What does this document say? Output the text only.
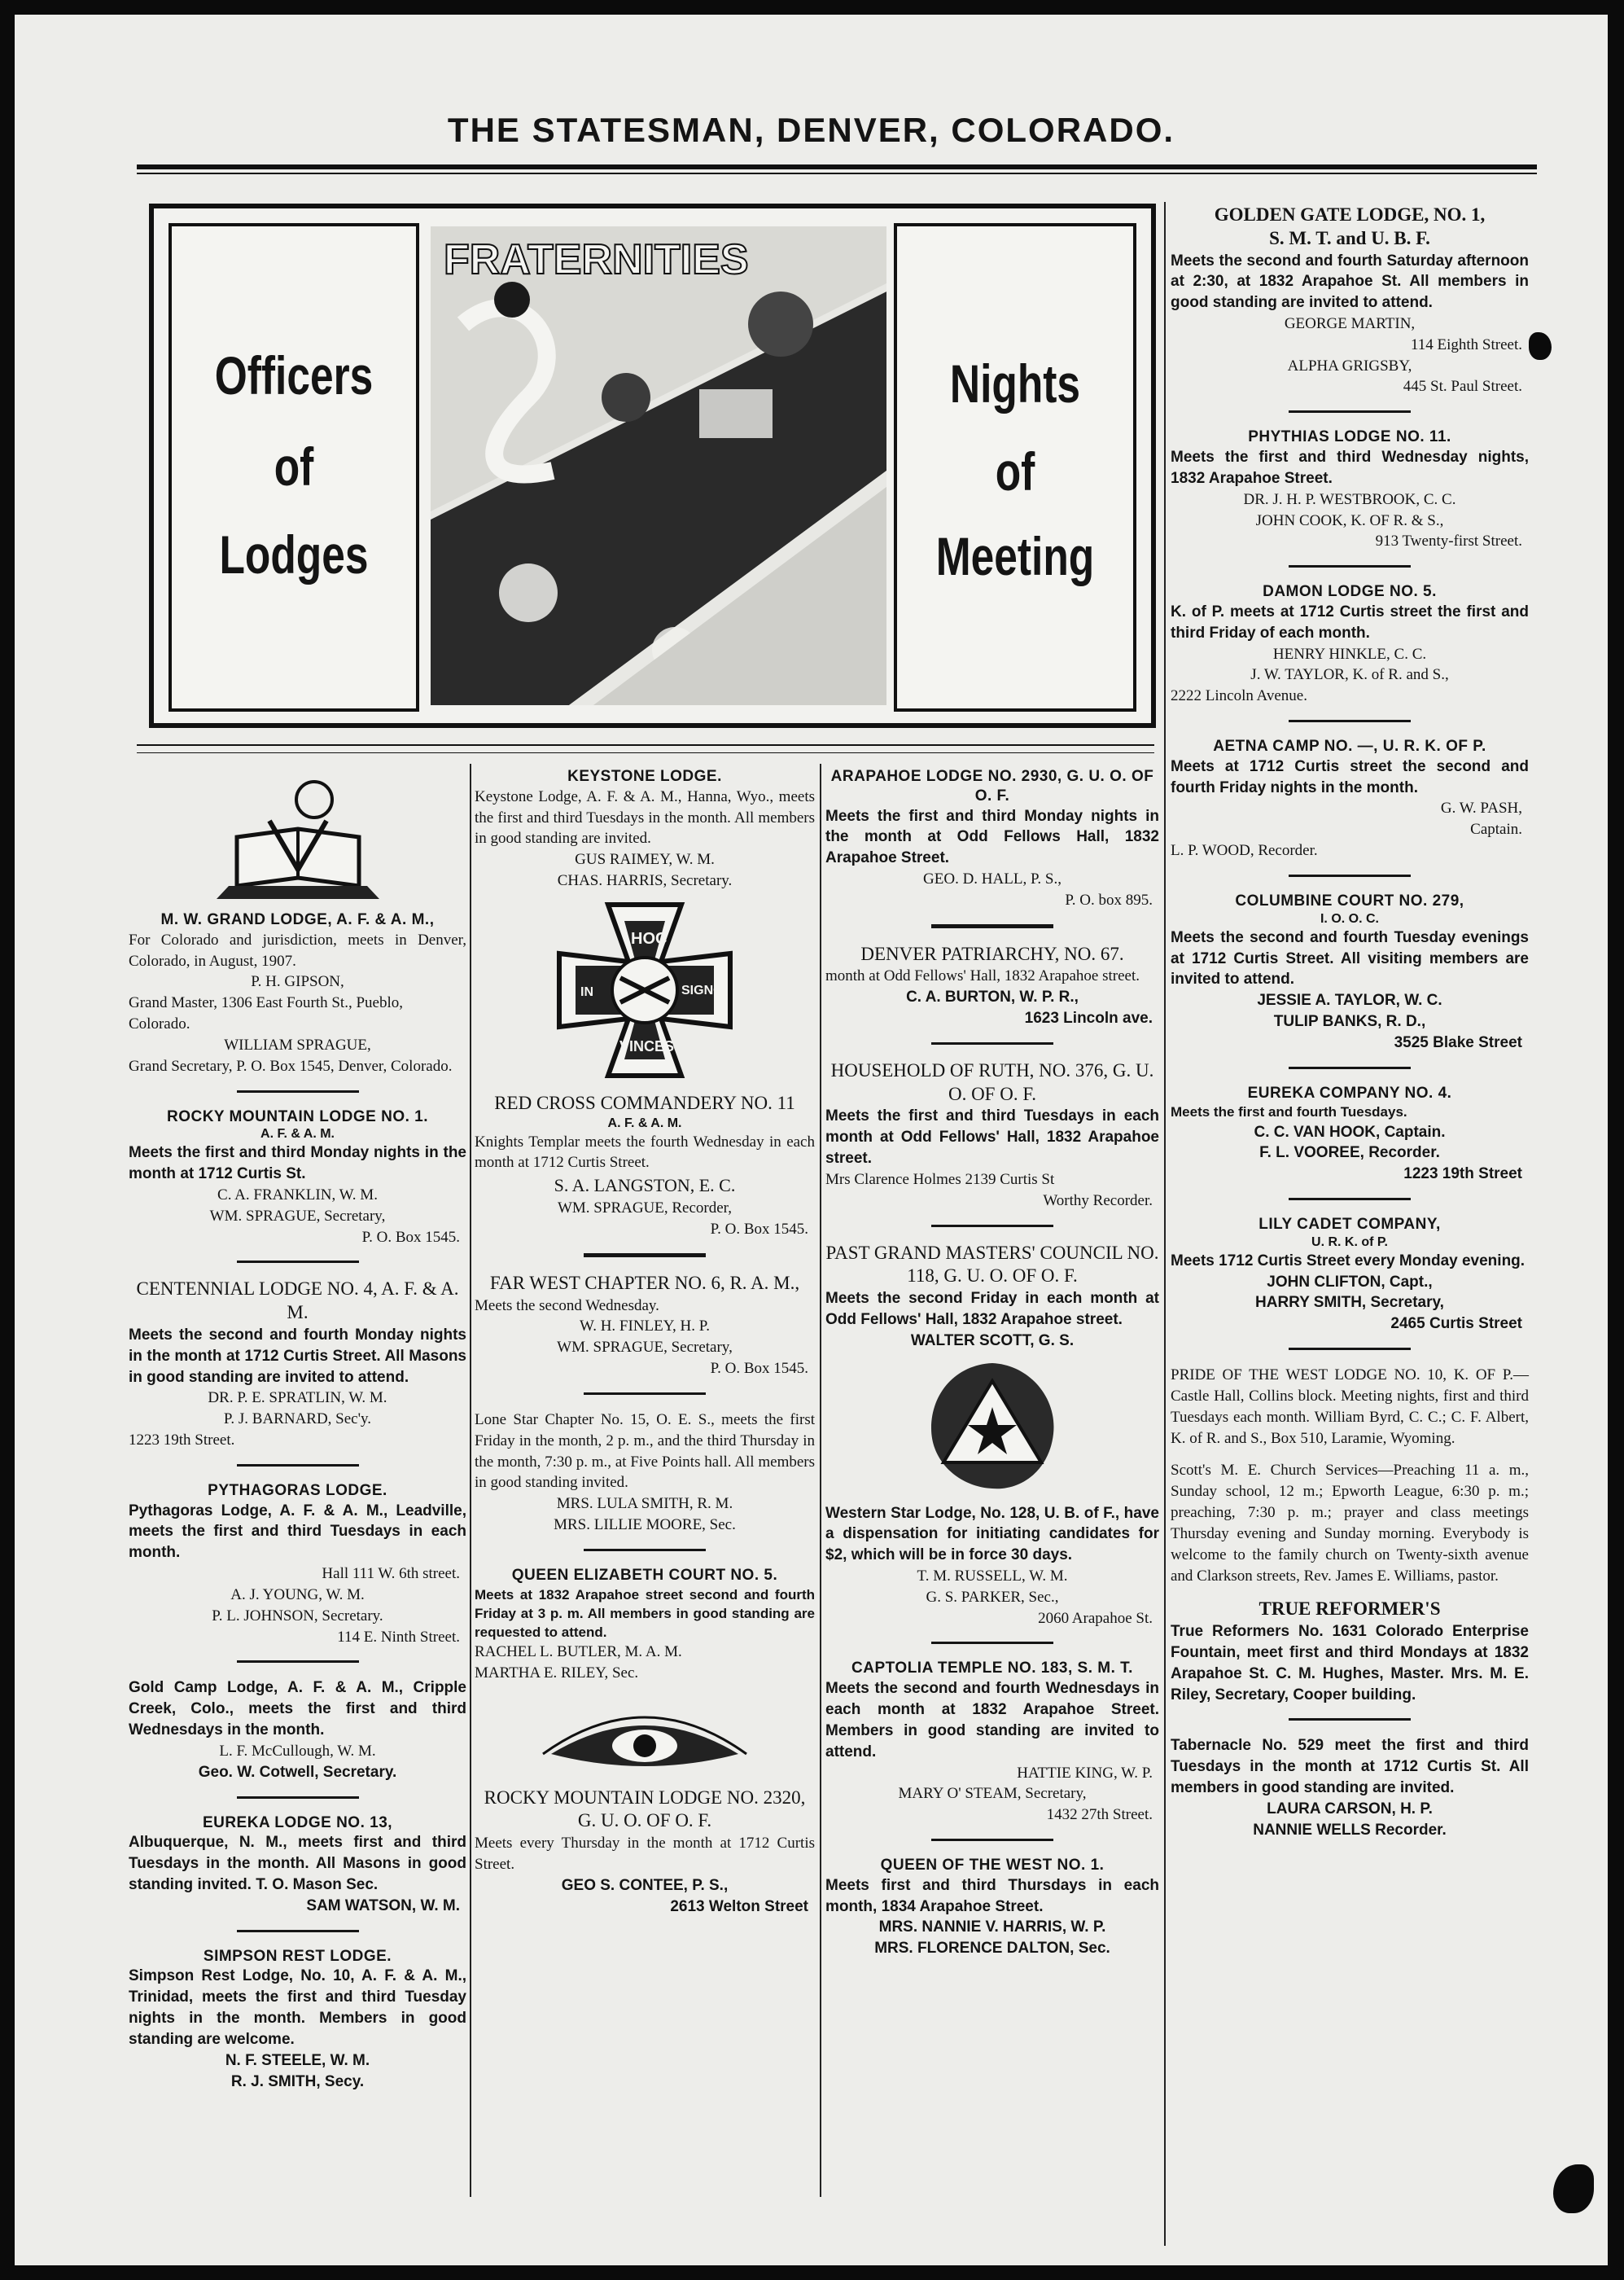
THE STATESMAN, DENVER, COLORADO.
Officers
of
Lodges
FRATERNITIES
Nights
of
Meeting

M. W. GRAND LODGE, A. F. & A. M.,

For Colorado and jurisdiction, meets in Denver, Colorado, in August, 1907.

P. H. GIPSON,

Grand Master, 1306 East Fourth St., Pueblo, Colorado.

WILLIAM SPRAGUE,

Grand Secretary, P. O. Box 1545, Denver, Colorado.

ROCKY MOUNTAIN LODGE NO. 1.

A. F. & A. M.

Meets the first and third Monday nights in the month at 1712 Curtis St.

C. A. FRANKLIN, W. M.

WM. SPRAGUE, Secretary,

P. O. Box 1545.

CENTENNIAL LODGE NO. 4, A. F. & A. M.

Meets the second and fourth Monday nights in the month at 1712 Curtis Street. All Masons in good standing are invited to attend.

DR. P. E. SPRATLIN, W. M.

P. J. BARNARD, Sec'y.

1223 19th Street.

PYTHAGORAS LODGE.

Pythagoras Lodge, A. F. & A. M., Leadville, meets the first and third Tuesdays in each month.

Hall 111 W. 6th street.

A. J. YOUNG, W. M.

P. L. JOHNSON, Secretary.

114 E. Ninth Street.

Gold Camp Lodge, A. F. & A. M., Cripple Creek, Colo., meets the first and third Wednesdays in the month.

L. F. McCullough, W. M.

Geo. W. Cotwell, Secretary.

EUREKA LODGE NO. 13,

Albuquerque, N. M., meets first and third Tuesdays in the month. All Masons in good standing invited. T. O. Mason Sec.

SAM WATSON, W. M.

SIMPSON REST LODGE.

Simpson Rest Lodge, No. 10, A. F. & A. M., Trinidad, meets the first and third Tuesday nights in the month. Members in good standing are welcome.

N. F. STEELE, W. M.

R. J. SMITH, Secy.

KEYSTONE LODGE.

Keystone Lodge, A. F. & A. M., Hanna, Wyo., meets the first and third Tuesdays in the month. All members in good standing are invited.

GUS RAIMEY, W. M.

CHAS. HARRIS, Secretary.

HOC
SIGNO
IN
VINCES

RED CROSS COMMANDERY NO. 11

A. F. & A. M.

Knights Templar meets the fourth Wednesday in each month at 1712 Curtis Street.

S. A. LANGSTON, E. C.

WM. SPRAGUE, Recorder,

P. O. Box 1545.

FAR WEST CHAPTER NO. 6, R. A. M.,

Meets the second Wednesday.

W. H. FINLEY, H. P.

WM. SPRAGUE, Secretary,

P. O. Box 1545.

Lone Star Chapter No. 15, O. E. S., meets the first Friday in the month, 2 p. m., and the third Thursday in the month, 7:30 p. m., at Five Points hall. All members in good standing invited.

MRS. LULA SMITH, R. M.

MRS. LILLIE MOORE, Sec.

QUEEN ELIZABETH COURT NO. 5.

Meets at 1832 Arapahoe street second and fourth Friday at 3 p. m. All members in good standing are requested to attend.

RACHEL L. BUTLER, M. A. M.

MARTHA E. RILEY, Sec.

ROCKY MOUNTAIN LODGE NO. 2320, G. U. O. OF O. F.

Meets every Thursday in the month at 1712 Curtis Street.

GEO S. CONTEE, P. S.,

2613 Welton Street

ARAPAHOE LODGE NO. 2930, G. U. O. OF O. F.

Meets the first and third Monday nights in the month at Odd Fellows Hall, 1832 Arapahoe Street.

GEO. D. HALL, P. S.,

P. O. box 895.

DENVER PATRIARCHY, NO. 67.

month at Odd Fellows' Hall, 1832 Arapahoe street.

C. A. BURTON, W. P. R.,

1623 Lincoln ave.

HOUSEHOLD OF RUTH, NO. 376, G. U. O. OF O. F.

Meets the first and third Tuesdays in each month at Odd Fellows' Hall, 1832 Arapahoe street.

Mrs Clarence Holmes 2139 Curtis St

Worthy Recorder.

PAST GRAND MASTERS' COUNCIL NO. 118, G. U. O. OF O. F.

Meets the second Friday in each month at Odd Fellows' Hall, 1832 Arapahoe street.

WALTER SCOTT, G. S.

Western Star Lodge, No. 128, U. B. of F., have a dispensation for initiating candidates for $2, which will be in force 30 days.

T. M. RUSSELL, W. M.

G. S. PARKER, Sec.,

2060 Arapahoe St.

CAPTOLIA TEMPLE NO. 183, S. M. T.

Meets the second and fourth Wednesdays in each month at 1832 Arapahoe Street. Members in good standing are invited to attend.

HATTIE KING, W. P.

MARY O' STEAM, Secretary,

1432 27th Street.

QUEEN OF THE WEST NO. 1.

Meets first and third Thursdays in each month, 1834 Arapahoe Street.

MRS. NANNIE V. HARRIS, W. P.

MRS. FLORENCE DALTON, Sec.

GOLDEN GATE LODGE, NO. 1,

S. M. T. and U. B. F.

Meets the second and fourth Saturday afternoon at 2:30, at 1832 Arapahoe St. All members in good standing are invited to attend.

GEORGE MARTIN,

114 Eighth Street.

ALPHA GRIGSBY,

445 St. Paul Street.

PHYTHIAS LODGE NO. 11.

Meets the first and third Wednesday nights, 1832 Arapahoe Street.

DR. J. H. P. WESTBROOK, C. C.

JOHN COOK, K. OF R. & S.,

913 Twenty-first Street.

DAMON LODGE NO. 5.

K. of P. meets at 1712 Curtis street the first and third Friday of each month.

HENRY HINKLE, C. C.

J. W. TAYLOR, K. of R. and S.,

2222 Lincoln Avenue.

AETNA CAMP NO. —, U. R. K. OF P.

Meets at 1712 Curtis street the second and fourth Friday nights in the month.

G. W. PASH,

Captain.

L. P. WOOD, Recorder.

COLUMBINE COURT NO. 279,

I. O. O. C.

Meets the second and fourth Tuesday evenings at 1712 Curtis Street. All visiting members are invited to attend.

JESSIE A. TAYLOR, W. C.

TULIP BANKS, R. D.,

3525 Blake Street

EUREKA COMPANY NO. 4.

Meets the first and fourth Tuesdays.

C. C. VAN HOOK, Captain.

F. L. VOOREE, Recorder.

1223 19th Street

LILY CADET COMPANY,

U. R. K. of P.

Meets 1712 Curtis Street every Monday evening.

JOHN CLIFTON, Capt.,

HARRY SMITH, Secretary,

2465 Curtis Street

PRIDE OF THE WEST LODGE NO. 10, K. OF P.—Castle Hall, Collins block. Meeting nights, first and third Tuesdays each month. William Byrd, C. C.; C. F. Albert, K. of R. and S., Box 510, Laramie, Wyoming.

Scott's M. E. Church Services—Preaching 11 a. m., Sunday school, 12 m.; Epworth League, 6:30 p. m.; preaching, 7:30 p. m.; prayer and class meetings Thursday evening and Sunday morning. Everybody is welcome to the family church on Twenty-sixth avenue and Clarkson streets, Rev. James E. Williams, pastor.

TRUE REFORMER'S

True Reformers No. 1631 Colorado Enterprise Fountain, meet first and third Mondays at 1832 Arapahoe St. C. M. Hughes, Master. Mrs. M. E. Riley, Secretary, Cooper building.

Tabernacle No. 529 meet the first and third Tuesdays in the month at 1712 Curtis St. All members in good standing are invited.

LAURA CARSON, H. P.

NANNIE WELLS Recorder.
